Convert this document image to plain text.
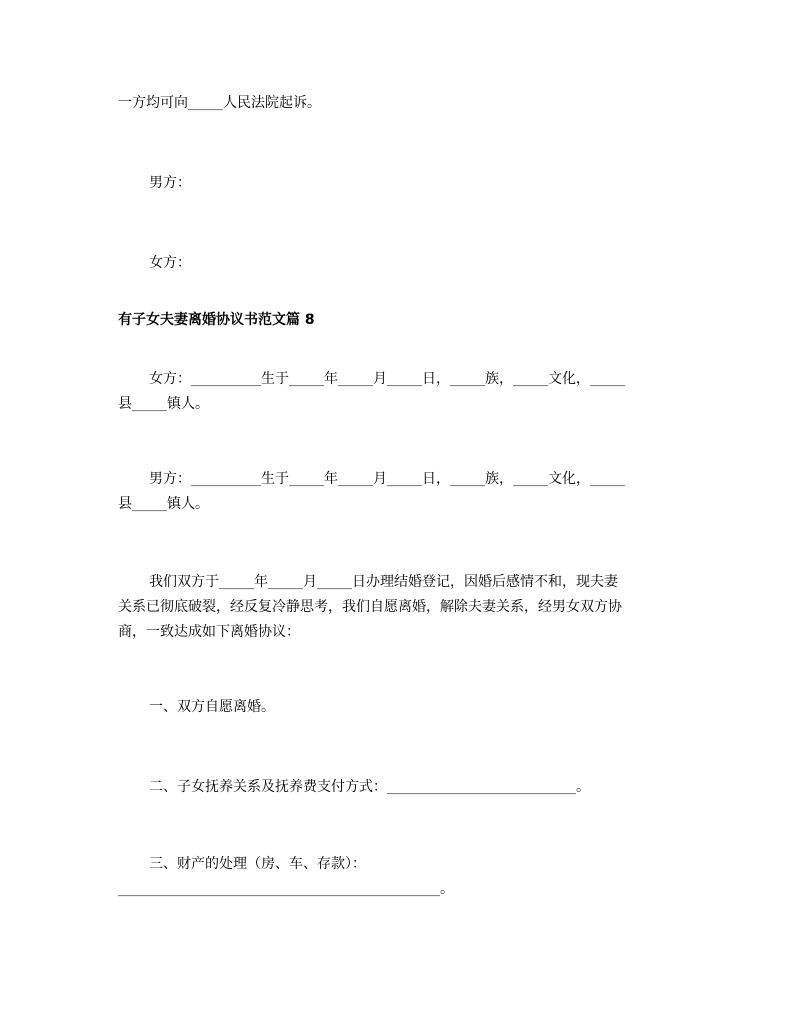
一方均可向_____人民法院起诉。

男方：

女方：

有子女夫妻离婚协议书范文篇 8

女方：__________生于_____年_____月_____日，_____族，_____文化，_____

县_____镇人。

男方：__________生于_____年_____月_____日，_____族，_____文化，_____

县_____镇人。

我们双方于_____年_____月_____日办理结婚登记，因婚后感情不和，现夫妻

关系已彻底破裂，经反复冷静思考，我们自愿离婚，解除夫妻关系，经男女双方协

商，一致达成如下离婚协议：

一、双方自愿离婚。

二、子女抚养关系及抚养费支付方式：___________________________。

三、财产的处理（房、车、存款）：

______________________________________________。
